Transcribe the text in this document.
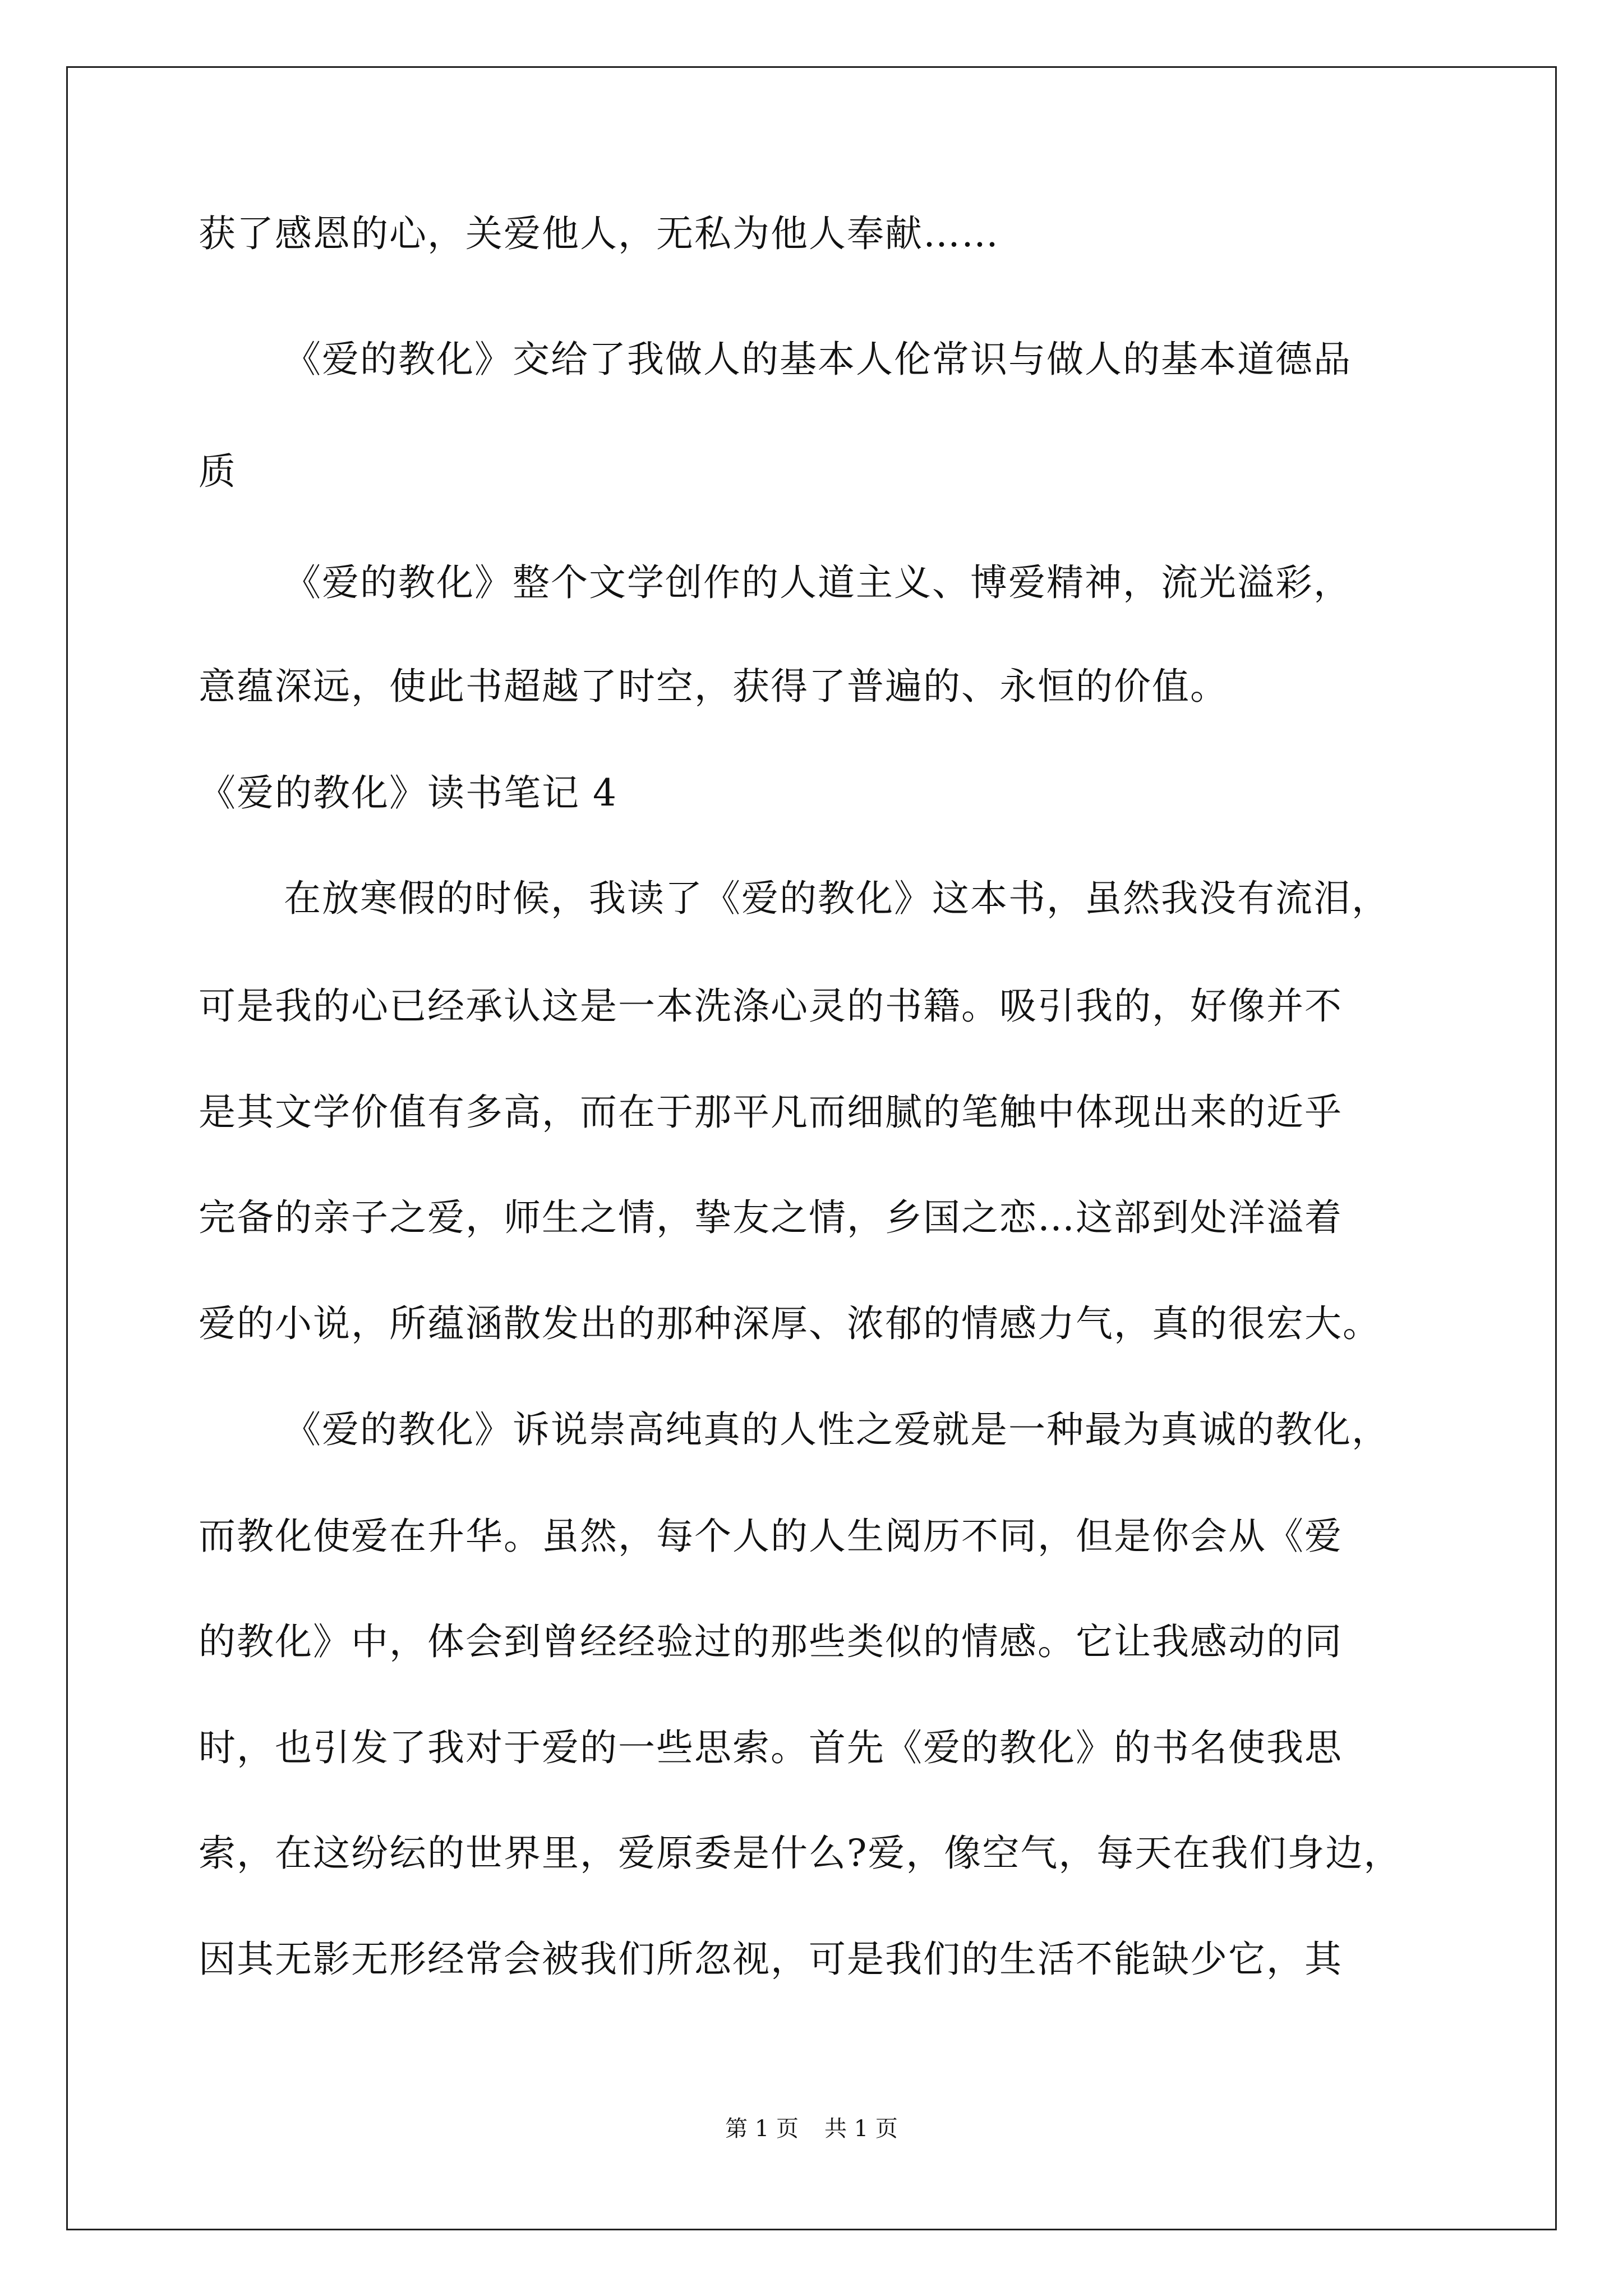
获了感恩的心，关爱他人，无私为他人奉献……
《爱的教化》交给了我做人的基本人伦常识与做人的基本道德品
质
《爱的教化》整个文学创作的人道主义、博爱精神，流光溢彩，
意蕴深远，使此书超越了时空，获得了普遍的、永恒的价值。
《爱的教化》读书笔记 4
在放寒假的时候，我读了《爱的教化》这本书，虽然我没有流泪，
可是我的心已经承认这是一本洗涤心灵的书籍。吸引我的，好像并不
是其文学价值有多高，而在于那平凡而细腻的笔触中体现出来的近乎
完备的亲子之爱，师生之情，挚友之情，乡国之恋…这部到处洋溢着
爱的小说，所蕴涵散发出的那种深厚、浓郁的情感力气，真的很宏大。
《爱的教化》诉说崇高纯真的人性之爱就是一种最为真诚的教化，
而教化使爱在升华。虽然，每个人的人生阅历不同，但是你会从《爱
的教化》中，体会到曾经经验过的那些类似的情感。它让我感动的同
时，也引发了我对于爱的一些思索。首先《爱的教化》的书名使我思
索，在这纷纭的世界里，爱原委是什么?爱，像空气，每天在我们身边，
因其无影无形经常会被我们所忽视，可是我们的生活不能缺少它，其
第 1 页 共 1 页
